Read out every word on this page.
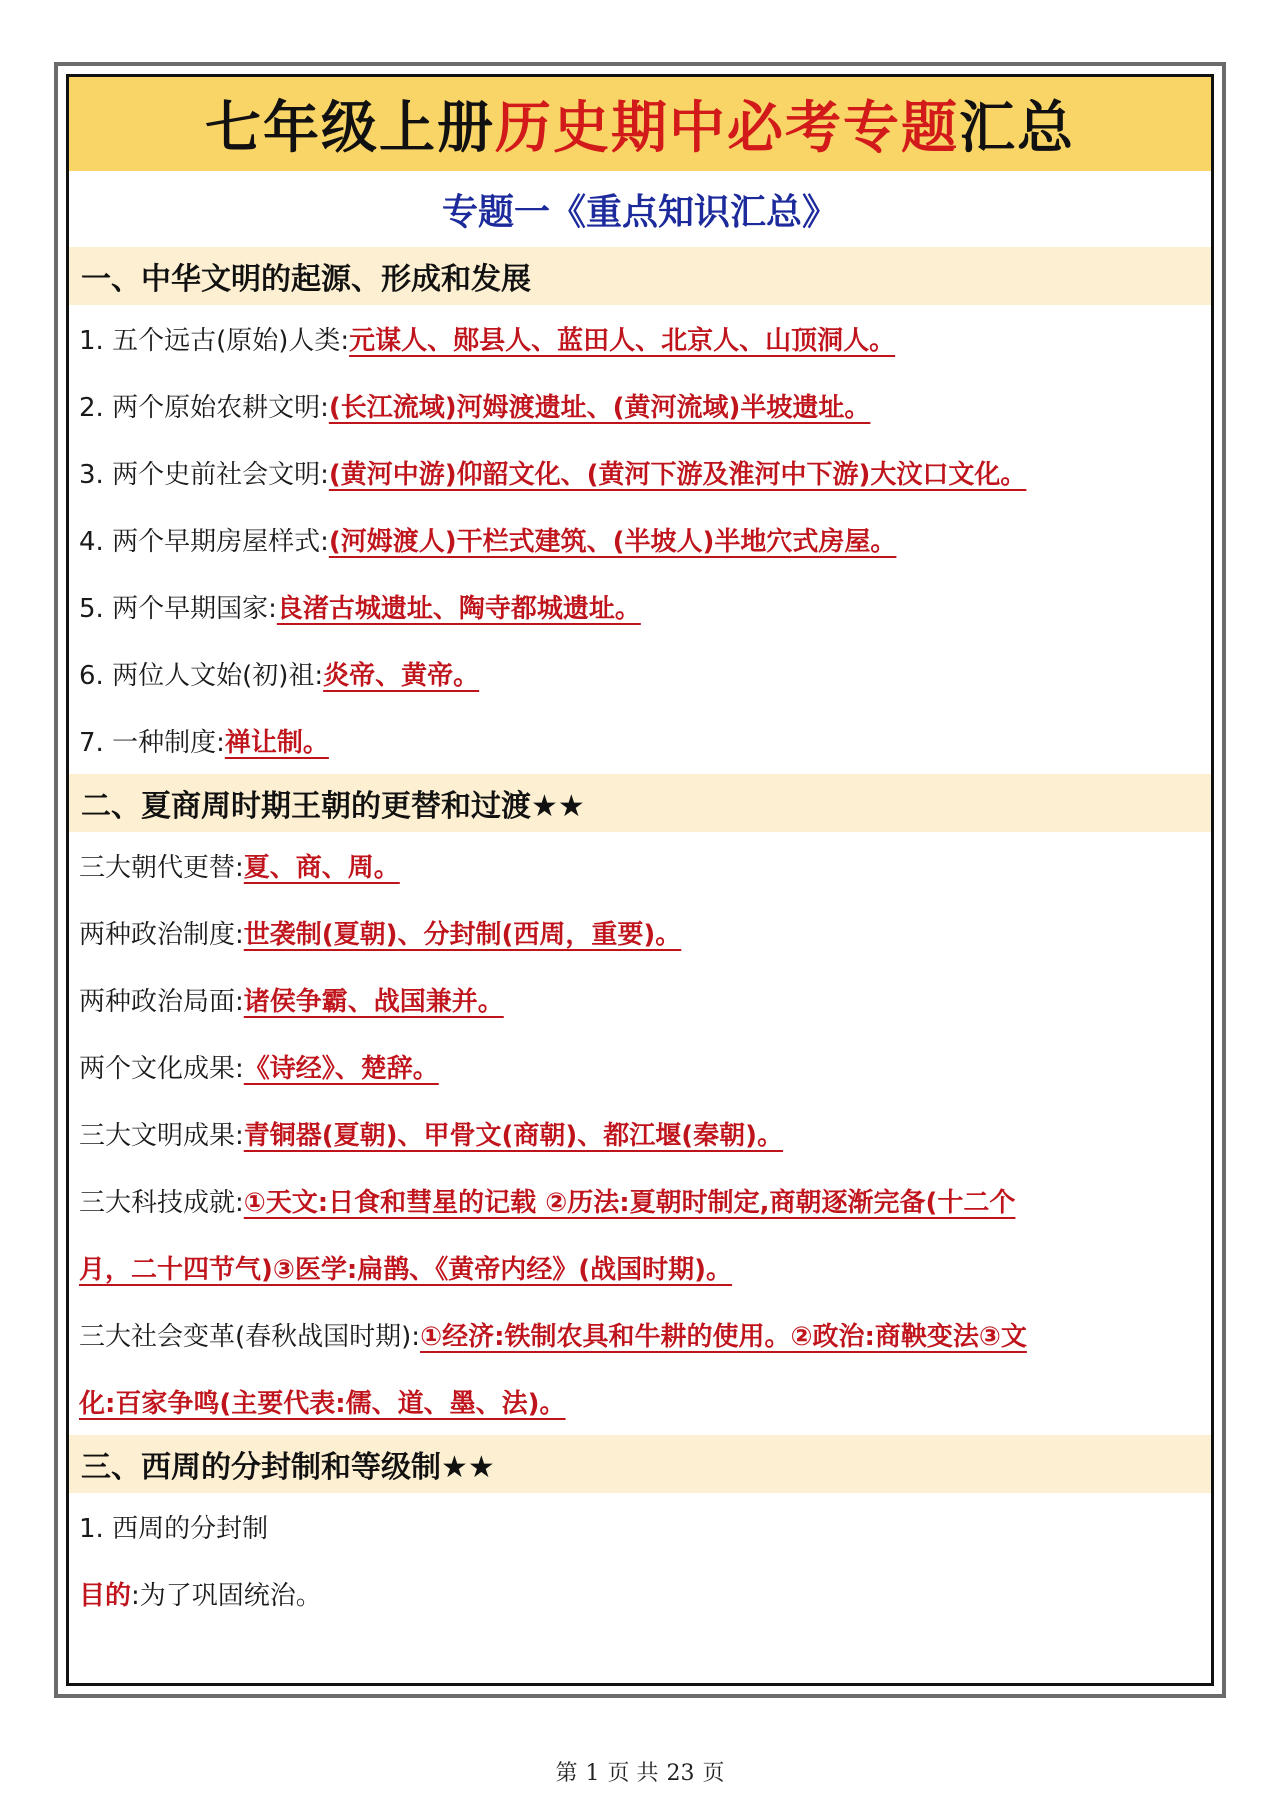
七年级上册 历史期中必考专题 汇总
专题一《重点知识汇总》
一、中华文明的起源、形成和发展
1. 五个远古(原始)人类: 元谋人、郧县人、蓝田人、北京人、山顶洞人。
2. 两个原始农耕文明: (长江流域)河姆渡遗址、(黄河流域)半坡遗址。
3. 两个史前社会文明: (黄河中游)仰韶文化、(黄河下游及淮河中下游)大汶口文化。
4. 两个早期房屋样式: (河姆渡人)干栏式建筑、(半坡人)半地穴式房屋。
5. 两个早期国家: 良渚古城遗址、陶寺都城遗址。
6. 两位人文始(初)祖: 炎帝、黄帝。
7. 一种制度: 禅让制。
二、夏商周时期王朝的更替和过渡★★
三大朝代更替: 夏、商、周。
两种政治制度: 世袭制(夏朝)、分封制(西周，重要)。
两种政治局面: 诸侯争霸、战国兼并。
两个文化成果: 《诗经》、楚辞。
三大文明成果: 青铜器(夏朝)、甲骨文(商朝)、都江堰(秦朝)。
三大科技成就: ①天文:日食和彗星的记载 ②历法:夏朝时制定,商朝逐渐完备(十二个
月，二十四节气)③医学:扁鹊、《黄帝内经》(战国时期)。
三大社会变革(春秋战国时期): ①经济:铁制农具和牛耕的使用。②政治:商鞅变法③文
化:百家争鸣(主要代表:儒、道、墨、法)。
三、西周的分封制和等级制★★
1. 西周的分封制
目的 :为了巩固统治。
第 1 页 共 23 页
